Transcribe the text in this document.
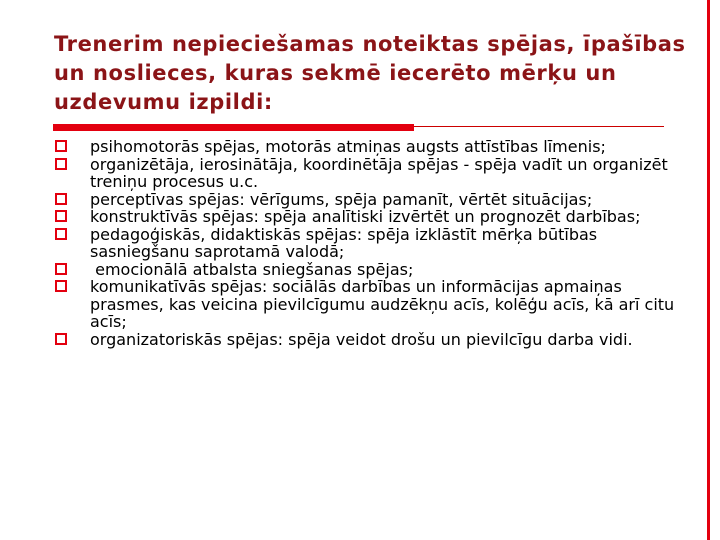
Trenerim nepieciešamas noteiktas spējas, īpašības un noslieces, kuras sekmē iecerēto mērķu un uzdevumu izpildi:
psihomotorās spējas, motorās atmiņas augsts attīstības līmenis;
organizētāja, ierosinātāja, koordinētāja spējas - spēja vadīt un organizēt treniņu procesus u.c.
perceptīvas spējas: vērīgums, spēja pamanīt, vērtēt situācijas;
konstruktīvās spējas: spēja analītiski izvērtēt un prognozēt darbības;
pedagoģiskās, didaktiskās spējas: spēja izklāstīt mērķa būtības sasniegšanu saprotamā valodā;
emocionālā atbalsta sniegšanas spējas;
komunikatīvās spējas: sociālās darbības un informācijas apmaiņas prasmes, kas veicina pievilcīgumu audzēkņu acīs, kolēģu acīs, kā arī citu acīs;
organizatoriskās spējas: spēja veidot drošu un pievilcīgu darba vidi.
